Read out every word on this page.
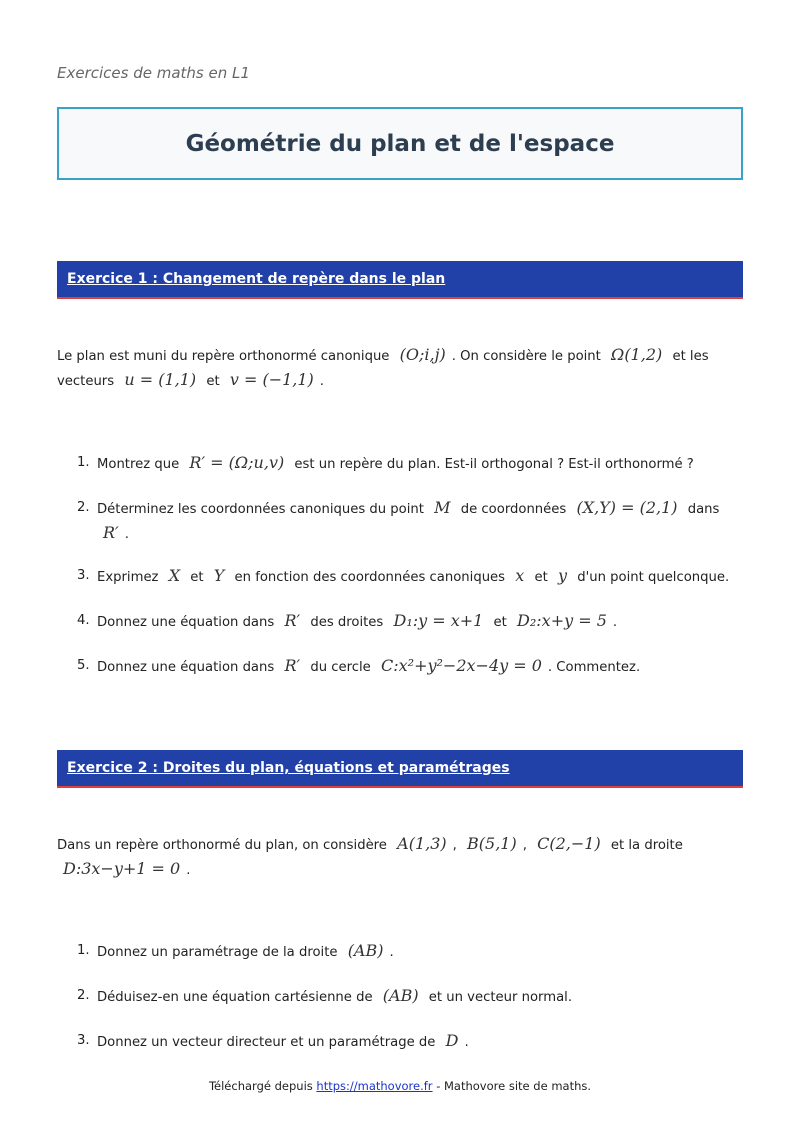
Exercices de maths en L1
Géométrie du plan et de l'espace
Exercice 1 : Changement de repère dans le plan
Le plan est muni du repère orthonormé canonique (O;i,j) . On considère le point Ω(1,2) et les vecteurs u = (1,1) et v = (−1,1) .
1. Montrez que R′ = (Ω;u,v) est un repère du plan. Est-il orthogonal ? Est-il orthonormé ?
2. Déterminez les coordonnées canoniques du point M de coordonnées (X,Y) = (2,1) dans
R′ .
3. Exprimez X et Y en fonction des coordonnées canoniques x et y d'un point quelconque.
4. Donnez une équation dans R′ des droites D₁:y = x+1 et D₂:x+y = 5 .
5. Donnez une équation dans R′ du cercle C:x²+y²−2x−4y = 0 . Commentez.
Exercice 2 : Droites du plan, équations et paramétrages
Dans un repère orthonormé du plan, on considère A(1,3) , B(5,1) , C(2,−1) et la droite
D:3x−y+1 = 0 .
1. Donnez un paramétrage de la droite (AB) .
2. Déduisez-en une équation cartésienne de (AB) et un vecteur normal.
3. Donnez un vecteur directeur et un paramétrage de D .
Téléchargé depuis https://mathovore.fr - Mathovore site de maths.
